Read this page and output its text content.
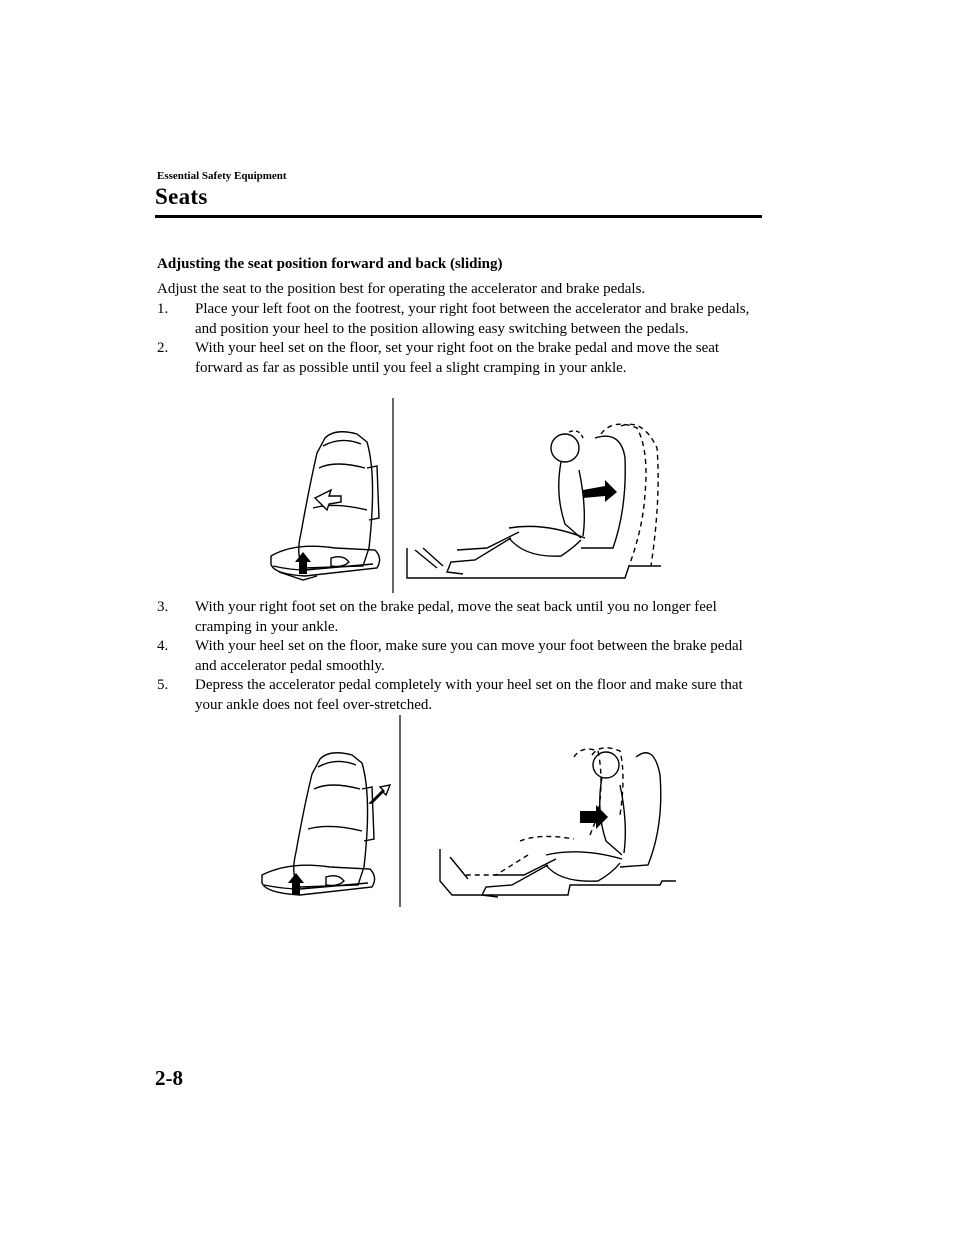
Essential Safety Equipment
Seats
Adjusting the seat position forward and back (sliding)
Adjust the seat to the position best for operating the accelerator and brake pedals.
1. Place your left foot on the footrest, your right foot between the accelerator and brake pedals, and position your heel to the position allowing easy switching between the pedals.
2. With your heel set on the floor, set your right foot on the brake pedal and move the seat forward as far as possible until you feel a slight cramping in your ankle.
3. With your right foot set on the brake pedal, move the seat back until you no longer feel cramping in your ankle.
4. With your heel set on the floor, make sure you can move your foot between the brake pedal and accelerator pedal smoothly.
5. Depress the accelerator pedal completely with your heel set on the floor and make sure that your ankle does not feel over-stretched.
2-8
